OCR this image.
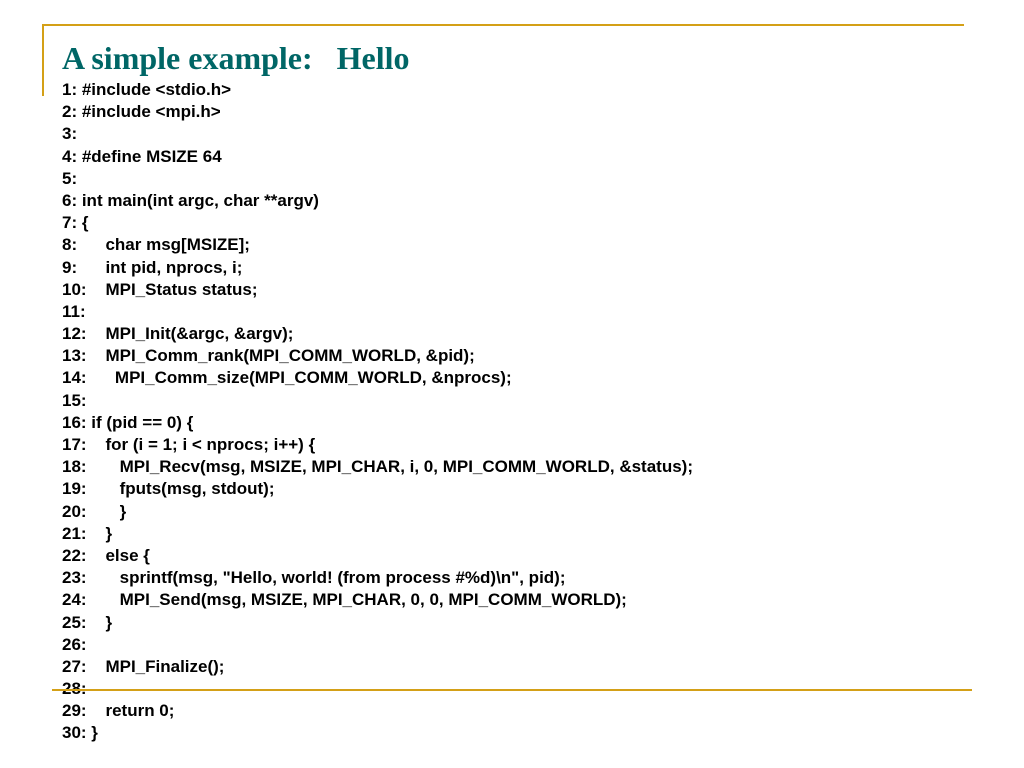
A simple example:   Hello
1: #include <stdio.h>
2: #include <mpi.h>
3:
4: #define MSIZE 64
5:
6: int main(int argc, char **argv)
7: {
8:      char msg[MSIZE];
9:      int pid, nprocs, i;
10:    MPI_Status status;
11:
12:    MPI_Init(&argc, &argv);
13:    MPI_Comm_rank(MPI_COMM_WORLD, &pid);
14:      MPI_Comm_size(MPI_COMM_WORLD, &nprocs);
15:
16: if (pid == 0) {
17:    for (i = 1; i < nprocs; i++) {
18:       MPI_Recv(msg, MSIZE, MPI_CHAR, i, 0, MPI_COMM_WORLD, &status);
19:       fputs(msg, stdout);
20:       }
21:    }
22:    else {
23:       sprintf(msg, "Hello, world! (from process #%d)\n", pid);
24:       MPI_Send(msg, MSIZE, MPI_CHAR, 0, 0, MPI_COMM_WORLD);
25:    }
26:
27:    MPI_Finalize();
29:    return 0;
30: }
